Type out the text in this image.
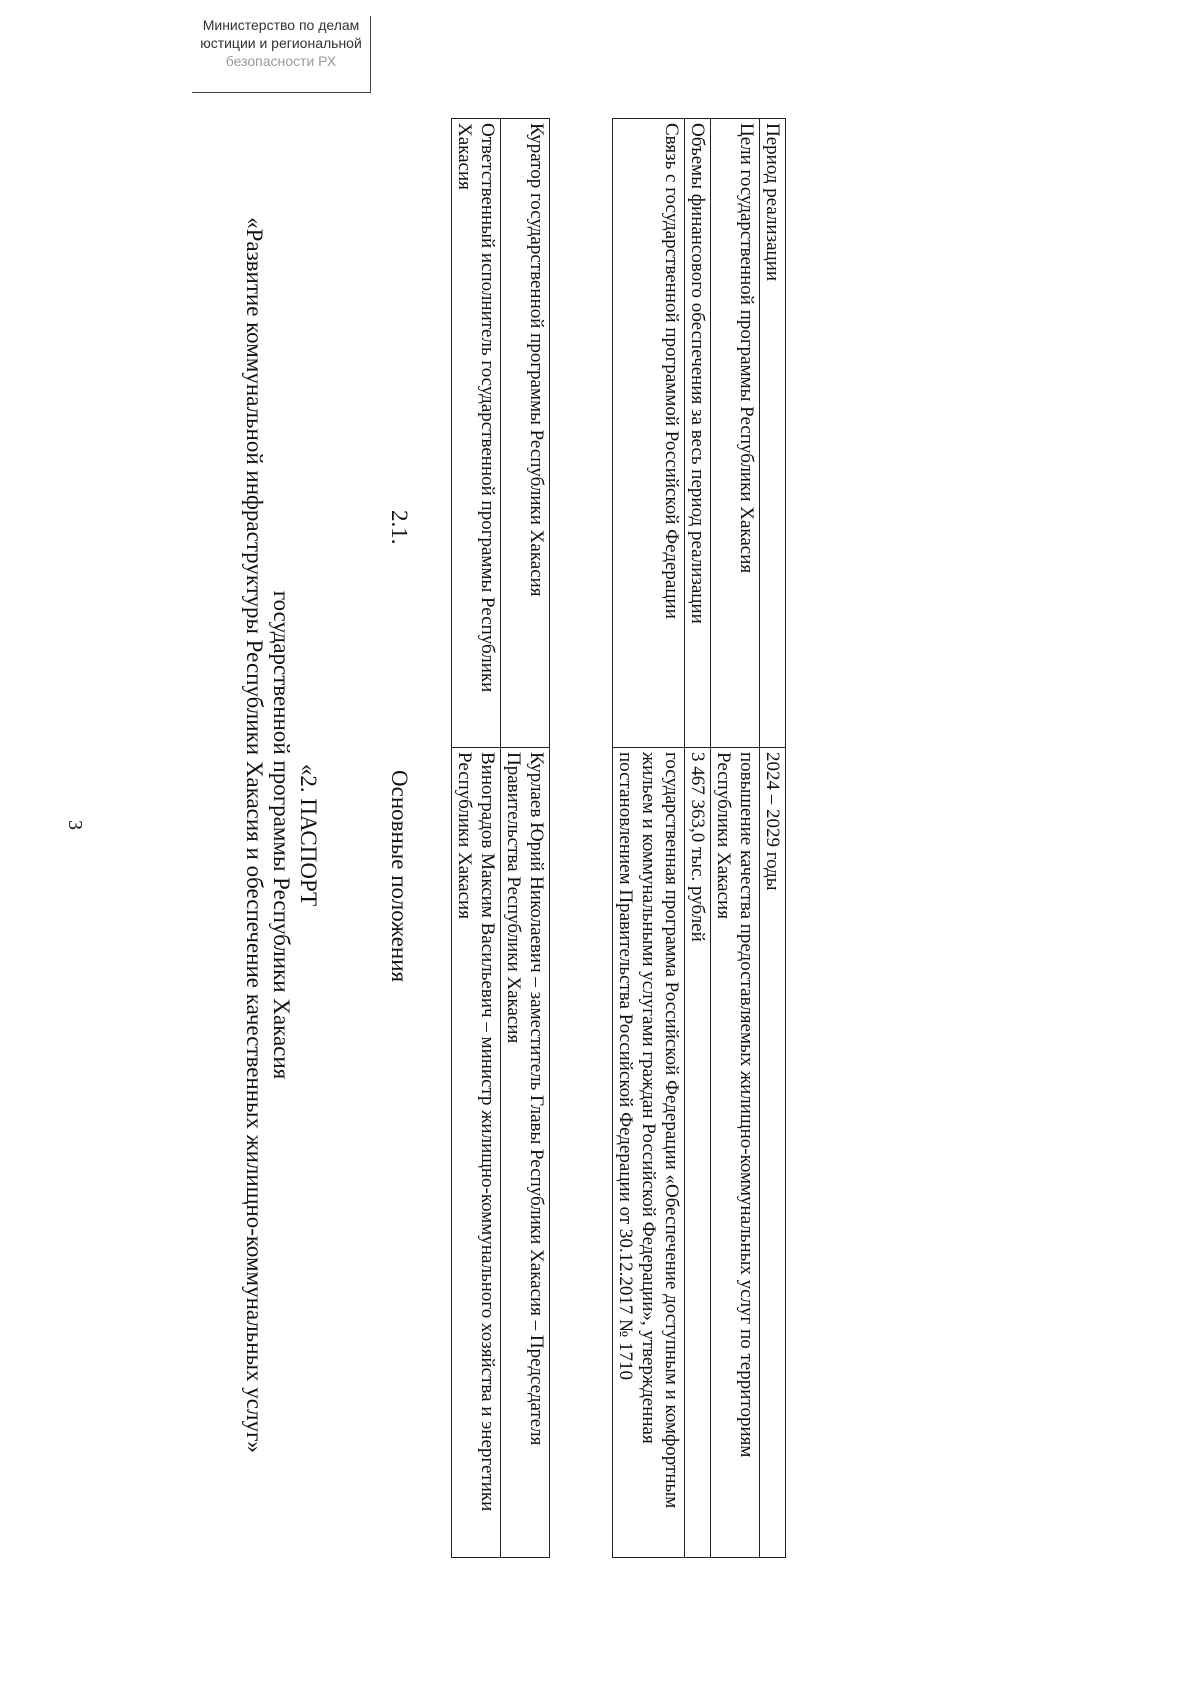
3	«2. ПАСПОРТ
государственной программы Республики Хакасия
«Развитие коммунальной инфраструктуры Республики Хакасия и обеспечение качественных жилищно-коммунальных услуг»	2.1.
Основные положения
Куратор государственной программы Республики Хакасия	Курлаев Юрий Николаевич – заместитель Главы Республики Хакасия – Председателя Правительства Республики Хакасия
Ответственный исполнитель государственной программы Республики Хакасия	Виноградов Максим Васильевич – министр жилищно-коммунального хозяйства и энергетики Республики Хакасия
Период реализации	2024 – 2029 годы
Цели государственной программы Республики Хакасия	повышение качества предоставляемых жилищно-коммунальных услуг по территориям Республики Хакасия
Объемы финансового обеспечения за весь период реализации	3 467 363,0 тыс. рублей
Связь с государственной программой Российской Федерации	государственная программа Российской Федерации «Обеспечение доступным и комфортным жильем и коммунальными услугами граждан Российской Федерации», утвержденная постановлением Правительства Российской Федерации от 30.12.2017 № 1710
Министерство по делам
юстиции и региональной
безопасности РХ
